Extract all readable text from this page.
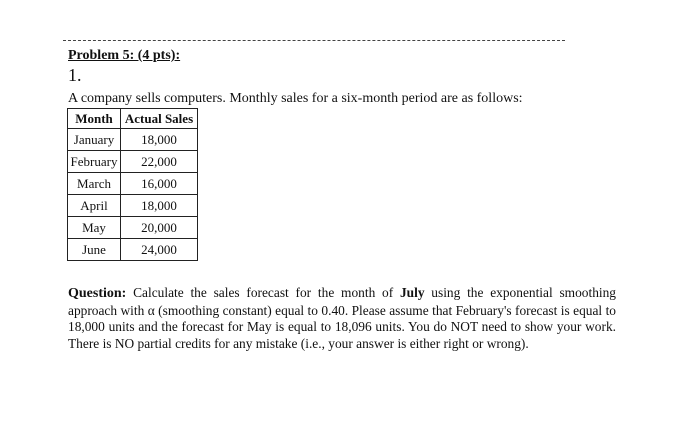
Problem 5: (4 pts):

1.

A company sells computers. Monthly sales for a six-month period are as follows:

Month	Actual Sales
January	18,000
February	22,000
March	16,000
April	18,000
May	20,000
June	24,000

Question: Calculate the sales forecast for the month of July using the exponential smoothing approach with α (smoothing constant) equal to 0.40. Please assume that February's forecast is equal to 18,000 units and the forecast for May is equal to 18,096 units. You do NOT need to show your work. There is NO partial credits for any mistake (i.e., your answer is either right or wrong).
